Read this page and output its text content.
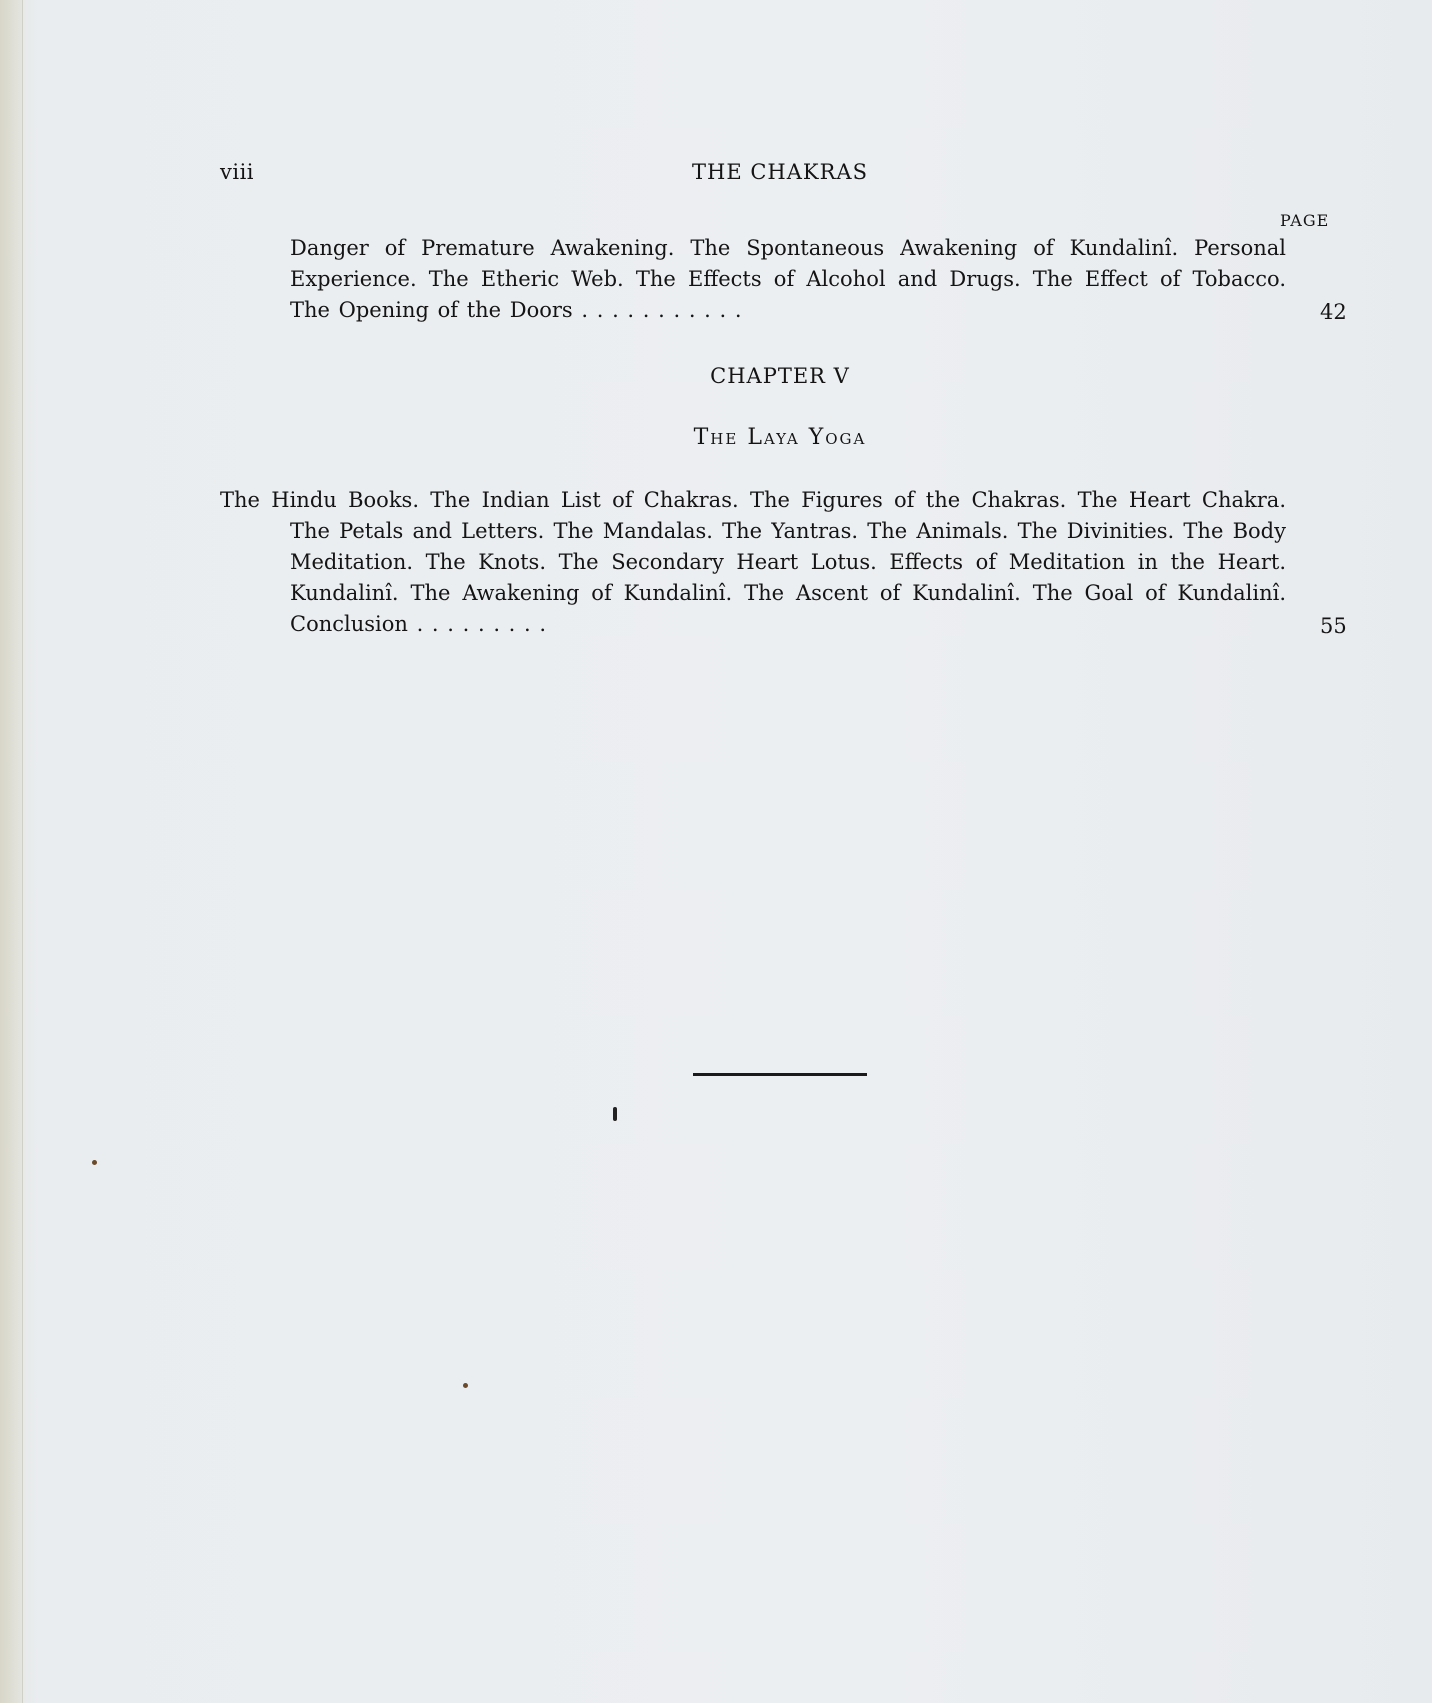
viii	THE CHAKRAS
PAGE
Danger of Premature Awakening. The Spontaneous Awakening of Kundalinî. Personal Experience. The Etheric Web. The Effects of Alcohol and Drugs. The Effect of Tobacco. The Opening of the Doors . . . . . . . . . . .	42
CHAPTER V
The Laya Yoga
The Hindu Books. The Indian List of Chakras. The Figures of the Chakras. The Heart Chakra. The Petals and Letters. The Mandalas. The Yantras. The Animals. The Divinities. The Body Meditation. The Knots. The Secondary Heart Lotus. Effects of Meditation in the Heart. Kundalinî. The Awakening of Kundalinî. The Ascent of Kundalinî. The Goal of Kundalinî. Conclusion . . . . . . . . .	55
